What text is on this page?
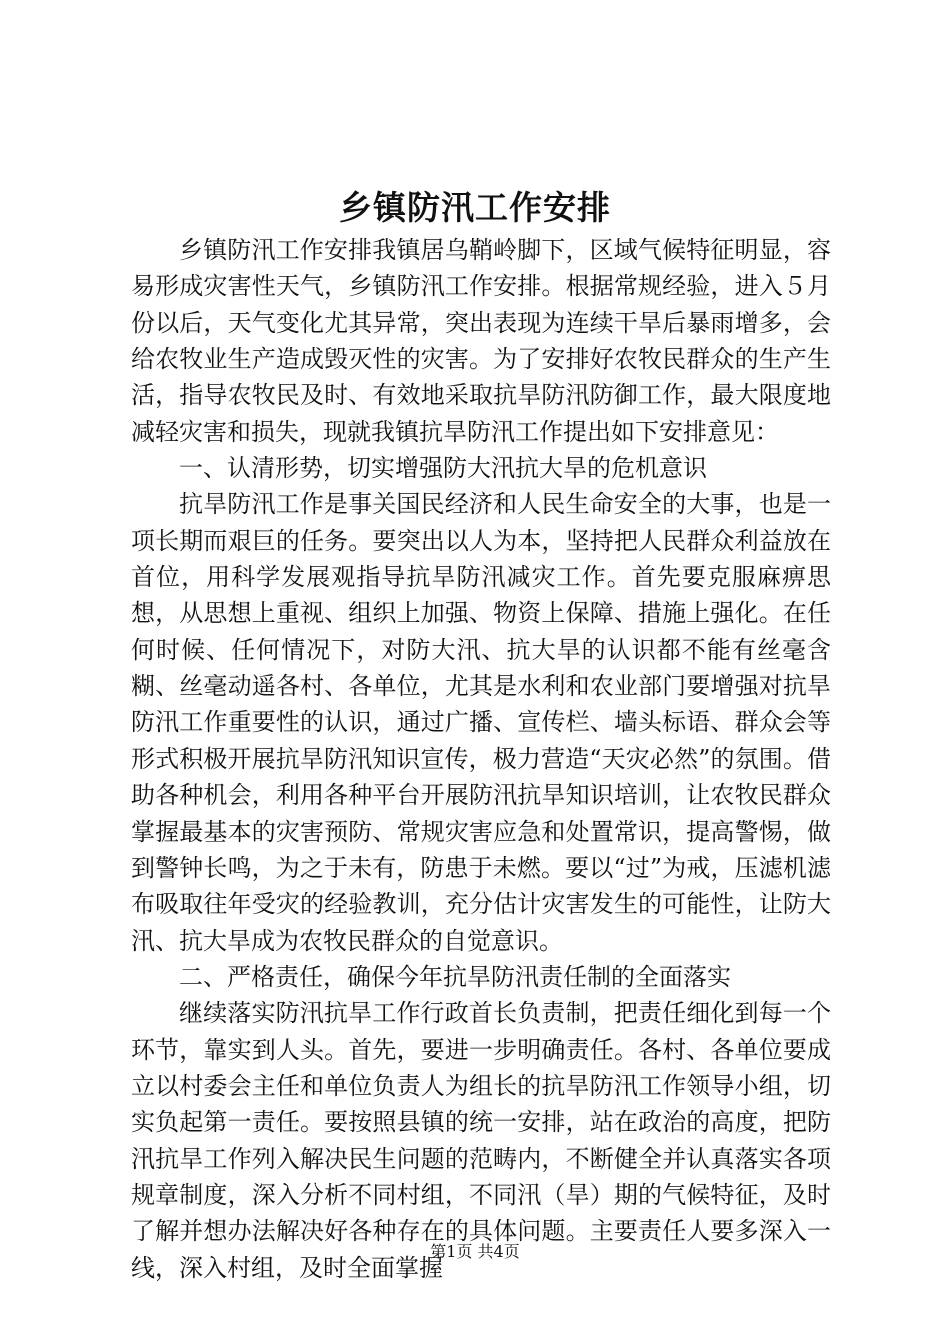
乡镇防汛工作安排

乡镇防汛工作安排我镇居乌鞘岭脚下，区域气候特征明显，容易形成灾害性天气，乡镇防汛工作安排。根据常规经验，进入５月份以后，天气变化尤其异常，突出表现为连续干旱后暴雨增多，会给农牧业生产造成毁灭性的灾害。为了安排好农牧民群众的生产生活，指导农牧民及时、有效地采取抗旱防汛防御工作，最大限度地减轻灾害和损失，现就我镇抗旱防汛工作提出如下安排意见：

一、认清形势，切实增强防大汛抗大旱的危机意识

抗旱防汛工作是事关国民经济和人民生命安全的大事，也是一项长期而艰巨的任务。要突出以人为本，坚持把人民群众利益放在首位，用科学发展观指导抗旱防汛减灾工作。首先要克服麻痹思想，从思想上重视、组织上加强、物资上保障、措施上强化。在任何时候、任何情况下，对防大汛、抗大旱的认识都不能有丝毫含糊、丝毫动遥各村、各单位，尤其是水利和农业部门要增强对抗旱防汛工作重要性的认识，通过广播、宣传栏、墙头标语、群众会等形式积极开展抗旱防汛知识宣传，极力营造“天灾必然”的氛围。借助各种机会，利用各种平台开展防汛抗旱知识培训，让农牧民群众掌握最基本的灾害预防、常规灾害应急和处置常识，提高警惕，做到警钟长鸣，为之于未有，防患于未燃。要以“过”为戒，压滤机滤布吸取往年受灾的经验教训，充分估计灾害发生的可能性，让防大汛、抗大旱成为农牧民群众的自觉意识。

二、严格责任，确保今年抗旱防汛责任制的全面落实

继续落实防汛抗旱工作行政首长负责制，把责任细化到每一个环节，靠实到人头。首先，要进一步明确责任。各村、各单位要成立以村委会主任和单位负责人为组长的抗旱防汛工作领导小组，切实负起第一责任。要按照县镇的统一安排，站在政治的高度，把防汛抗旱工作列入解决民生问题的范畴内，不断健全并认真落实各项规章制度，深入分析不同村组，不同汛（旱）期的气候特征，及时了解并想办法解决好各种存在的具体问题。主要责任人要多深入一线，深入村组，及时全面掌握

第1页 共4页
